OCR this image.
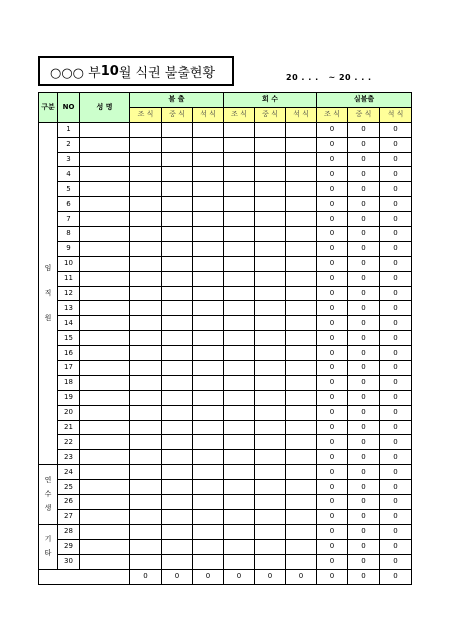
○○○ 부 10 월 식권 불출현황	20 . . .   ~ 20 . . .
구분	NO	성 명	불 출			회 수			실불출		
			조 식	중 식	석 식	조 식	중 식	석 식	조 식	중 식	석 식

임
직
원	1								0	0	0
	2								0	0	0
	3								0	0	0
	4								0	0	0
	5								0	0	0
	6								0	0	0
	7								0	0	0
	8								0	0	0
	9								0	0	0
	10								0	0	0
	11								0	0	0
	12								0	0	0
	13								0	0	0
	14								0	0	0
	15								0	0	0
	16								0	0	0
	17								0	0	0
	18								0	0	0
	19								0	0	0
	20								0	0	0
	21								0	0	0
	22								0	0	0
	23								0	0	0

연
수
생	24								0	0	0
	25								0	0	0
	26								0	0	0
	27								0	0	0

기
타	28								0	0	0
	29								0	0	0
	30								0	0	0
			0	0	0	0	0	0	0	0	0
